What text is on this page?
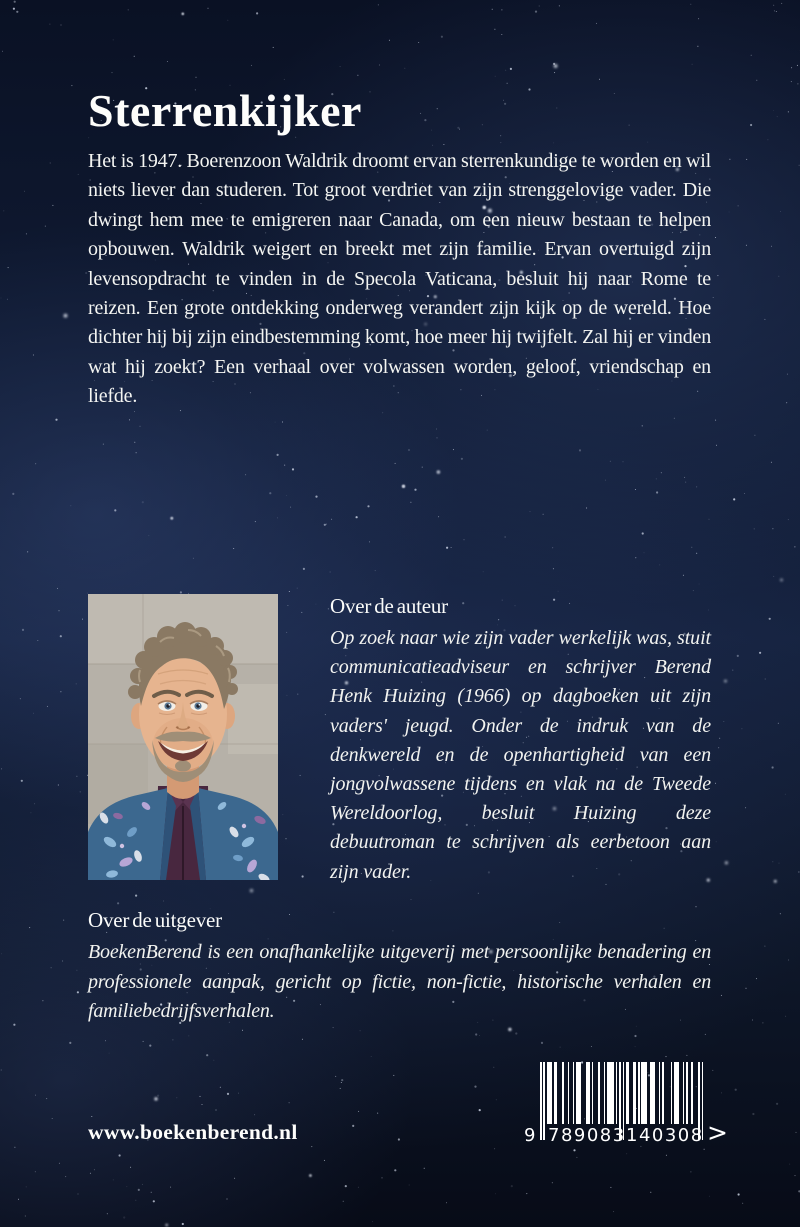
Sterrenkijker

Het is 1947. Boerenzoon Waldrik droomt ervan sterrenkundige te worden en wil niets liever dan studeren. Tot groot verdriet van zijn strenggelovige vader. Die dwingt hem mee te emigreren naar Canada, om een nieuw bestaan te helpen opbouwen. Waldrik weigert en breekt met zijn familie. Ervan overtuigd zijn levensopdracht te vinden in de Specola Vaticana, besluit hij naar Rome te reizen. Een grote ontdekking onderweg verandert zijn kijk op de wereld. Hoe dichter hij bij zijn eindbestemming komt, hoe meer hij twijfelt. Zal hij er vinden wat hij zoekt? Een verhaal over volwassen worden, geloof, vriendschap en liefde.

Over de auteur

Op zoek naar wie zijn vader werkelijk was, stuit communicatieadviseur en schrijver Berend Henk Huizing (1966) op dagboeken uit zijn vaders' jeugd. Onder de indruk van de denkwereld en de openhartigheid van een jongvolwassene tijdens en vlak na de Tweede Wereldoorlog, besluit Huizing deze debuutroman te schrijven als eerbetoon aan zijn vader.

Over de uitgever

BoekenBerend is een onafhankelijke uitgeverij met persoonlijke benadering en professionele aanpak, gericht op fictie, non-fictie, historische verhalen en familiebedrijfsverhalen.

www.boekenberend.nl	9 789083 140308 >
